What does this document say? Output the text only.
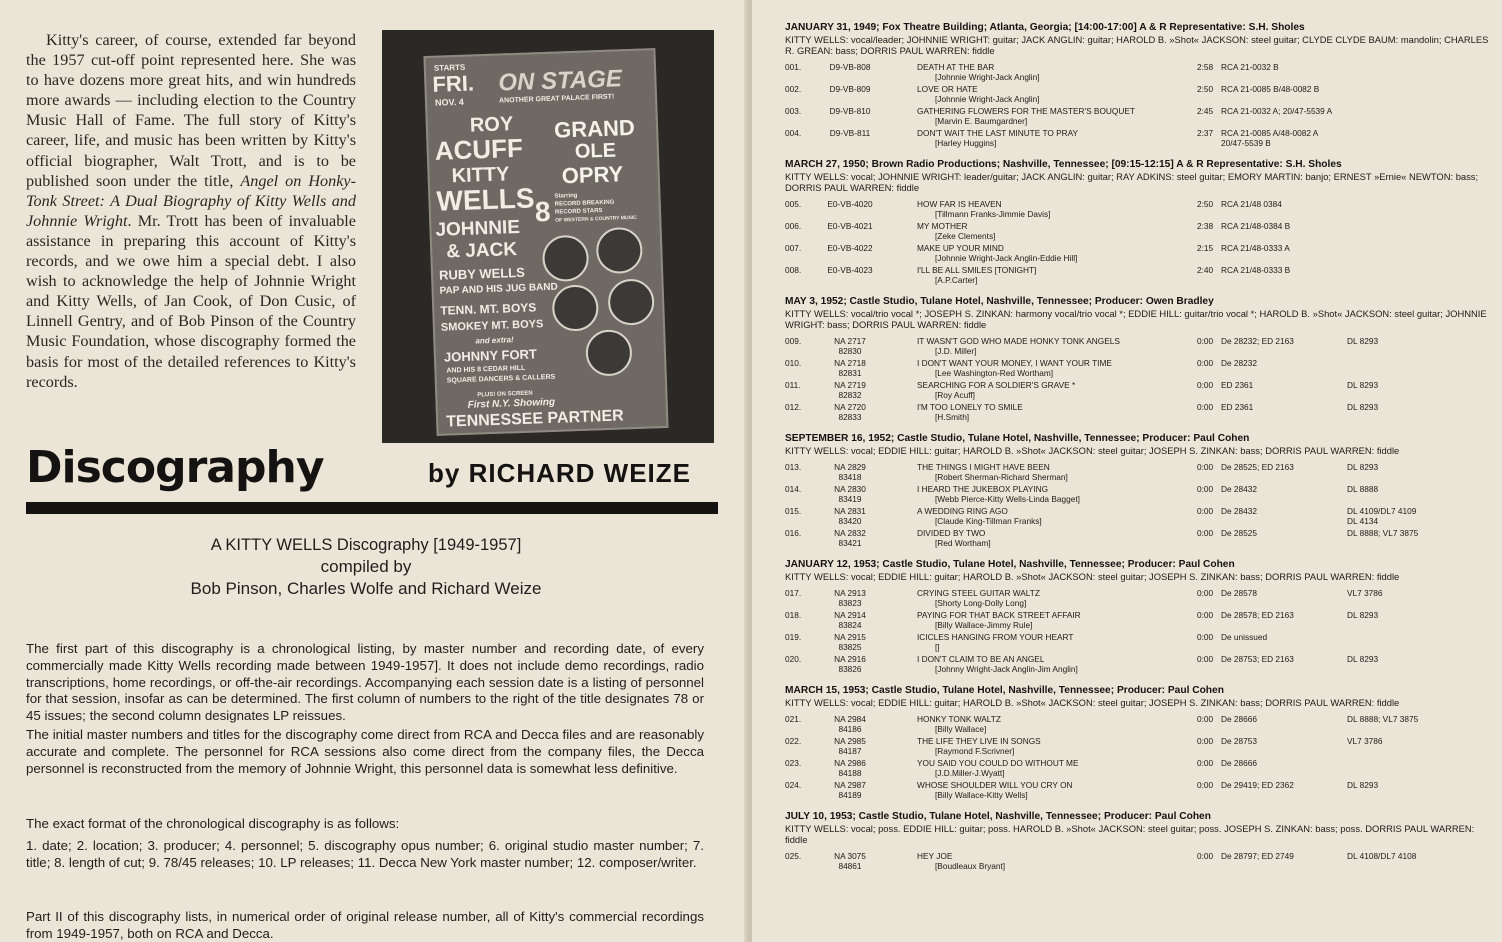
Kitty's career, of course, extended far beyond the 1957 cut-off point represented here. She was to have dozens more great hits, and win hundreds more awards — including election to the Country Music Hall of Fame. The full story of Kitty's career, life, and music has been written by Kitty's official biographer, Walt Trott, and is to be published soon under the title, Angel on Honky-Tonk Street: A Dual Biography of Kitty Wells and Johnnie Wright. Mr. Trott has been of invaluable assistance in preparing this account of Kitty's records, and we owe him a special debt. I also wish to acknowledge the help of Johnnie Wright and Kitty Wells, of Jan Cook, of Don Cusic, of Linnell Gentry, and of Bob Pinson of the Country Music Foundation, whose discography formed the basis for most of the detailed references to Kitty's records.

STARTS
FRI.
NOV. 4
ON STAGE
ANOTHER GREAT PALACE FIRST!
ROY
ACUFF
KITTY
WELLS
JOHNNIE
& JACK
RUBY WELLS
PAP AND HIS JUG BAND
TENN. MT. BOYS
SMOKEY MT. BOYS
and extra!
JOHNNY FORT
AND HIS 8 CEDAR HILL
SQUARE DANCERS & CALLERS
GRAND
OLE
OPRY
8 Starring
RECORD BREAKING
RECORD STARS
OF WESTERN & COUNTRY MUSIC
PLUS! ON SCREEN
First N.Y. Showing
TENNESSEE PARTNER
Discography	by RICHARD WEIZE
A KITTY WELLS Discography [1949-1957]
compiled by
Bob Pinson, Charles Wolfe and Richard Weize

The first part of this discography is a chronological listing, by master number and recording date, of every commercially made Kitty Wells recording made between 1949-1957]. It does not include demo recordings, radio transcriptions, home recordings, or off-the-air recordings. Accompanying each session date is a listing of personnel for that session, insofar as can be determined. The first column of numbers to the right of the title designates 78 or 45 issues; the second column designates LP reissues.

The initial master numbers and titles for the discography come direct from RCA and Decca files and are reasonably accurate and complete. The personnel for RCA sessions also come direct from the company files, the Decca personnel is reconstructed from the memory of Johnnie Wright, this personnel data is somewhat less definitive.

The exact format of the chronological discography is as follows:

1. date; 2. location; 3. producer; 4. personnel; 5. discography opus number; 6. original studio master number; 7. title; 8. length of cut; 9. 78/45 releases; 10. LP releases; 11. Decca New York master number; 12. composer/writer.

Part II of this discography lists, in numerical order of original release number, all of Kitty's commercial recordings from 1949-1957, both on RCA and Decca.

JANUARY 31, 1949; Fox Theatre Building; Atlanta, Georgia; [14:00-17:00] A & R Representative: S.H. Sholes
KITTY WELLS: vocal/leader; JOHNNIE WRIGHT: guitar; JACK ANGLIN: guitar; HAROLD B. »Shot« JACKSON: steel guitar; CLYDE CLYDE BAUM: mandolin; CHARLES R. GREAN: bass; DORRIS PAUL WARREN: fiddle
001.	D9-VB-808	DEATH AT THE BAR
[Johnnie Wright-Jack Anglin]
2:58 RCA 21-0032 B
002.	D9-VB-809	LOVE OR HATE
[Johnnie Wright-Jack Anglin]
2:50 RCA 21-0085 B/48-0082 B
003.	D9-VB-810	GATHERING FLOWERS FOR THE MASTER'S BOUQUET
[Marvin E. Baumgardner]
2:45 RCA 21-0032 A; 20/47-5539 A
004.	D9-VB-811	DON'T WAIT THE LAST MINUTE TO PRAY
[Harley Huggins]
2:37 RCA 21-0085 A/48-0082 A
20/47-5539 B
MARCH 27, 1950; Brown Radio Productions; Nashville, Tennessee; [09:15-12:15] A & R Representative: S.H. Sholes
KITTY WELLS: vocal; JOHNNIE WRIGHT: leader/guitar; JACK ANGLIN: guitar; RAY ADKINS: steel guitar; EMORY MARTIN: banjo; ERNEST »Ernie« NEWTON: bass; DORRIS PAUL WARREN: fiddle
005.	E0-VB-4020	HOW FAR IS HEAVEN
[Tillmann Franks-Jimmie Davis]
2:50 RCA 21/48 0384
006.	E0-VB-4021	MY MOTHER
[Zeke Clements]
2:38 RCA 21/48-0384 B
007.	E0-VB-4022	MAKE UP YOUR MIND
[Johnnie Wright-Jack Anglin-Eddie Hill]
2:15 RCA 21/48-0333 A
008.	E0-VB-4023	I'LL BE ALL SMILES [TONIGHT]
[A.P.Carter]
2:40 RCA 21/48-0333 B
MAY 3, 1952; Castle Studio, Tulane Hotel, Nashville, Tennessee; Producer: Owen Bradley
KITTY WELLS: vocal/trio vocal *; JOSEPH S. ZINKAN: harmony vocal/trio vocal *; EDDIE HILL: guitar/trio vocal *; HAROLD B. »Shot« JACKSON: steel guitar; JOHNNIE WRIGHT: bass; DORRIS PAUL WARREN: fiddle
009.	NA 2717
82830
IT WASN'T GOD WHO MADE HONKY TONK ANGELS
[J.D. Miller]
0:00 De 28232; ED 2163	DL 8293
010.	NA 2718
82831
I DON'T WANT YOUR MONEY, I WANT YOUR TIME
[Lee Washington-Red Wortham]
0:00 De 28232
011.	NA 2719
82832
SEARCHING FOR A SOLDIER'S GRAVE *
[Roy Acuff]
0:00 ED 2361	DL 8293
012.	NA 2720
82833
I'M TOO LONELY TO SMILE
[H.Smith]
0:00 ED 2361	DL 8293
SEPTEMBER 16, 1952; Castle Studio, Tulane Hotel, Nashville, Tennessee; Producer: Paul Cohen
KITTY WELLS: vocal; EDDIE HILL: guitar; HAROLD B. »Shot« JACKSON: steel guitar; JOSEPH S. ZINKAN: bass; DORRIS PAUL WARREN: fiddle
013.	NA 2829
83418
THE THINGS I MIGHT HAVE BEEN
[Robert Sherman-Richard Sherman]
0:00 De 28525; ED 2163	DL 8293
014.	NA 2830
83419
I HEARD THE JUKEBOX PLAYING
[Webb Pierce-Kitty Wells-Linda Bagget]
0:00 De 28432	DL 8888
015.	NA 2831
83420
A WEDDING RING AGO
[Claude King-Tillman Franks]
0:00 De 28432	DL 4109/DL7 4109
DL 4134
016.	NA 2832
83421
DIVIDED BY TWO
[Red Wortham]
0:00 De 28525	DL 8888; VL7 3875
JANUARY 12, 1953; Castle Studio, Tulane Hotel, Nashville, Tennessee; Producer: Paul Cohen
KITTY WELLS: vocal; EDDIE HILL: guitar; HAROLD B. »Shot« JACKSON: steel guitar; JOSEPH S. ZINKAN: bass; DORRIS PAUL WARREN: fiddle
017.	NA 2913
83823
CRYING STEEL GUITAR WALTZ
[Shorty Long-Dolly Long]
0:00 De 28578	VL7 3786
018.	NA 2914
83824
PAYING FOR THAT BACK STREET AFFAIR
[Billy Wallace-Jimmy Rule]
0:00 De 28578; ED 2163	DL 8293
019.	NA 2915
83825
ICICLES HANGING FROM YOUR HEART
[]
0:00 De unissued
020.	NA 2916
83826
I DON'T CLAIM TO BE AN ANGEL
[Johnny Wright-Jack Anglin-Jim Anglin]
0:00 De 28753; ED 2163	DL 8293
MARCH 15, 1953; Castle Studio, Tulane Hotel, Nashville, Tennessee; Producer: Paul Cohen
KITTY WELLS: vocal; EDDIE HILL: guitar; HAROLD B. »Shot« JACKSON: steel guitar; JOSEPH S. ZINKAN: bass; DORRIS PAUL WARREN: fiddle
021.	NA 2984
84186
HONKY TONK WALTZ
[Billy Wallace]
0:00 De 28666	DL 8888; VL7 3875
022.	NA 2985
84187
THE LIFE THEY LIVE IN SONGS
[Raymond F.Scrivner]
0:00 De 28753	VL7 3786
023.	NA 2986
84188
YOU SAID YOU COULD DO WITHOUT ME
[J.D.Miller-J.Wyatt]
0:00 De 28666
024.	NA 2987
84189
WHOSE SHOULDER WILL YOU CRY ON
[Billy Wallace-Kitty Wells]
0:00 De 29419; ED 2362	DL 8293
JULY 10, 1953; Castle Studio, Tulane Hotel, Nashville, Tennessee; Producer: Paul Cohen
KITTY WELLS: vocal; poss. EDDIE HILL: guitar; poss. HAROLD B. »Shot« JACKSON: steel guitar; poss. JOSEPH S. ZINKAN: bass; poss. DORRIS PAUL WARREN: fiddle
025.	NA 3075
84861
HEY JOE
[Boudleaux Bryant]
0:00 De 28797; ED 2749	DL 4108/DL7 4108
